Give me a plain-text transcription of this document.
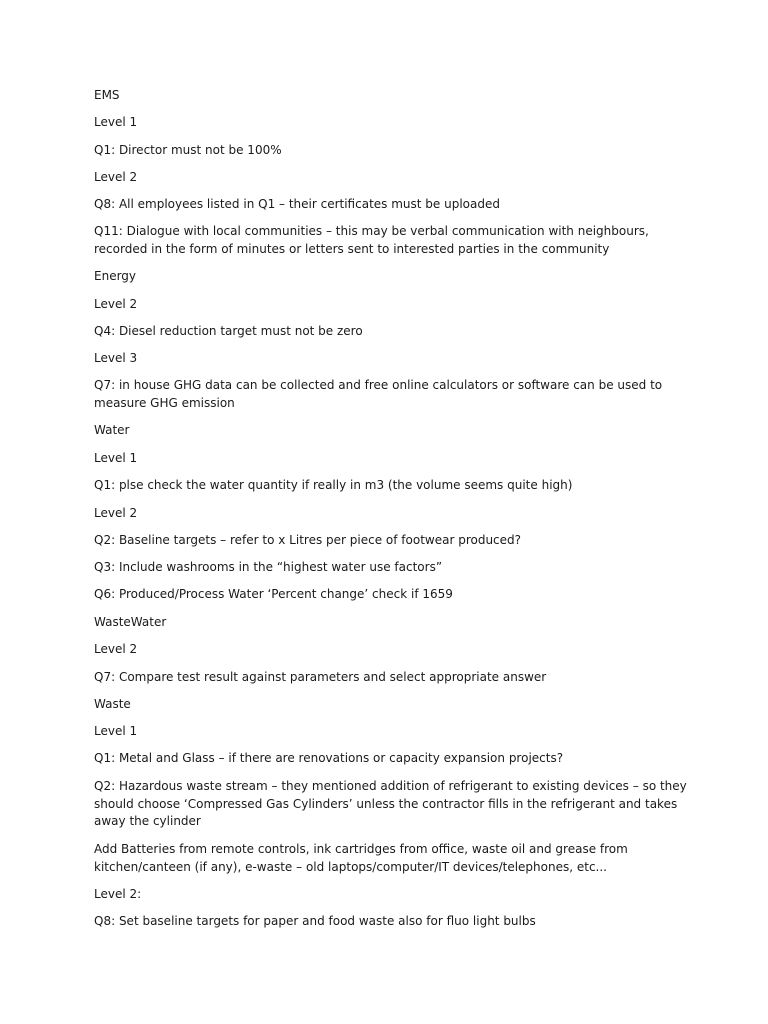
EMS

Level 1

Q1: Director must not be 100%

Level 2

Q8: All employees listed in Q1 – their certificates must be uploaded

Q11: Dialogue with local communities – this may be verbal communication with neighbours,
recorded in the form of minutes or letters sent to interested parties in the community

Energy

Level 2

Q4: Diesel reduction target must not be zero

Level 3

Q7: in house GHG data can be collected and free online calculators or software can be used to
measure GHG emission

Water

Level 1

Q1: plse check the water quantity if really in m3 (the volume seems quite high)

Level 2

Q2: Baseline targets – refer to x Litres per piece of footwear produced?

Q3: Include washrooms in the “highest water use factors”

Q6: Produced/Process Water ‘Percent change’ check if 1659

WasteWater

Level 2

Q7: Compare test result against parameters and select appropriate answer

Waste

Level 1

Q1: Metal and Glass – if there are renovations or capacity expansion projects?

Q2: Hazardous waste stream – they mentioned addition of refrigerant to existing devices – so they
should choose ‘Compressed Gas Cylinders’ unless the contractor fills in the refrigerant and takes
away the cylinder

Add Batteries from remote controls, ink cartridges from office, waste oil and grease from
kitchen/canteen (if any), e-waste – old laptops/computer/IT devices/telephones, etc...

Level 2:

Q8: Set baseline targets for paper and food waste also for fluo light bulbs
